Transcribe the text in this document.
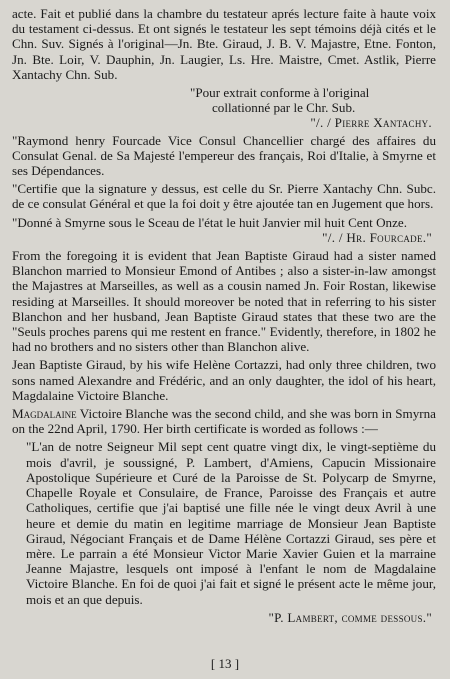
acte. Fait et publié dans la chambre du testateur aprés lecture faite à haute voix du testament ci-dessus. Et ont signés le testateur les sept témoins déjà cités et le Chn. Suv. Signés à l'original—Jn. Bte. Giraud, J. B. V. Majastre, Etne. Fonton, Jn. Bte. Loir, V. Dauphin, Jn. Laugier, Ls. Hre. Maistre, Cmet. Astlik, Pierre Xantachy Chn. Sub.

"Pour extrait conforme à l'original

collationné par le Chr. Sub.

"/. / Pierre Xantachy.

"Raymond henry Fourcade Vice Consul Chancellier chargé des affaires du Consulat Genal. de Sa Majesté l'empereur des français, Roi d'Italie, à Smyrne et ses Dépendances.

"Certifie que la signature y dessus, est celle du Sr. Pierre Xantachy Chn. Subc. de ce consulat Général et que la foi doit y être ajoutée tan en Jugement que hors.

"Donné à Smyrne sous le Sceau de l'état le huit Janvier mil huit Cent Onze.

"/. / Hr. Fourcade."

From the foregoing it is evident that Jean Baptiste Giraud had a sister named Blanchon married to Monsieur Emond of Antibes ; also a sister-in-law amongst the Majastres at Marseilles, as well as a cousin named Jn. Foir Rostan, likewise residing at Marseilles. It should moreover be noted that in referring to his sister Blanchon and her husband, Jean Baptiste Giraud states that these two are the "Seuls proches parens qui me restent en france." Evidently, therefore, in 1802 he had no brothers and no sisters other than Blanchon alive.

Jean Baptiste Giraud, by his wife Helène Cortazzi, had only three children, two sons named Alexandre and Frédéric, and an only daughter, the idol of his heart, Magdalaine Victoire Blanche.

Magdalaine Victoire Blanche was the second child, and she was born in Smyrna on the 22nd April, 1790. Her birth certificate is worded as follows :—

"L'an de notre Seigneur Mil sept cent quatre vingt dix, le vingt-septième du mois d'avril, je soussigné, P. Lambert, d'Amiens, Capucin Missionaire Apostolique Supérieure et Curé de la Paroisse de St. Polycarp de Smyrne, Chapelle Royale et Consulaire, de France, Paroisse des Français et autre Catholiques, certifie que j'ai baptisé une fille née le vingt deux Avril à une heure et demie du matin en legitime marriage de Monsieur Jean Baptiste Giraud, Négociant Français et de Dame Hélène Cortazzi Giraud, ses père et mère. Le parrain a été Monsieur Victor Marie Xavier Guien et la marraine Jeanne Majastre, lesquels ont imposé à l'enfant le nom de Magdalaine Victoire Blanche. En foi de quoi j'ai fait et signé le présent acte le même jour, mois et an que depuis.

"P. Lambert, comme dessous."

[ 13 ]
